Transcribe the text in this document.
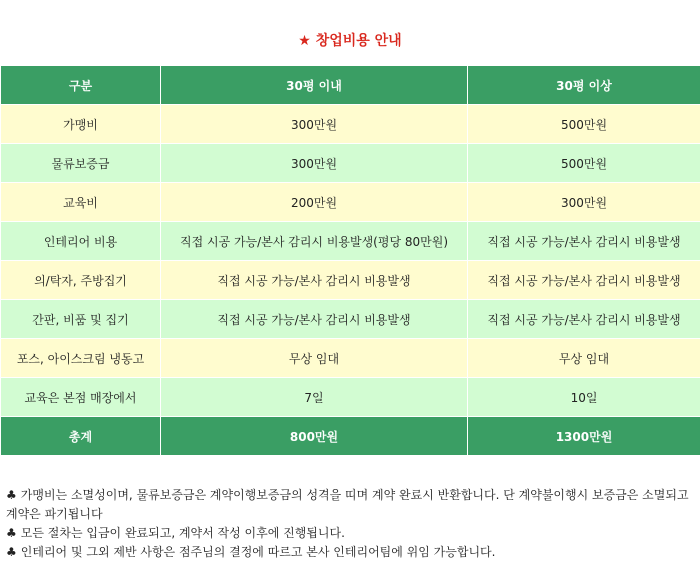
★ 창업비용 안내
구분	30평 이내	30평 이상
가맹비	300만원	500만원
물류보증금	300만원	500만원
교육비	200만원	300만원
인테리어 비용	직접 시공 가능/본사 감리시 비용발생(평당 80만원)	직접 시공 가능/본사 감리시 비용발생
의/탁자, 주방집기	직접 시공 가능/본사 감리시 비용발생	직접 시공 가능/본사 감리시 비용발생
간판, 비품 및 집기	직접 시공 가능/본사 감리시 비용발생	직접 시공 가능/본사 감리시 비용발생
포스, 아이스크림 냉동고	무상 임대	무상 임대
교육은 본점 매장에서	7일	10일
총계	800만원	1300만원

♣ 가맹비는 소멸성이며, 물류보증금은 계약이행보증금의 성격을 띠며 계약 완료시 반환합니다. 단 계약불이행시 보증금은 소멸되고 계약은 파기됩니다

♣ 모든 절차는 입금이 완료되고, 계약서 작성 이후에 진행됩니다.

♣ 인테리어 및 그외 제반 사항은 점주님의 결정에 따르고 본사 인테리어팀에 위임 가능합니다.
